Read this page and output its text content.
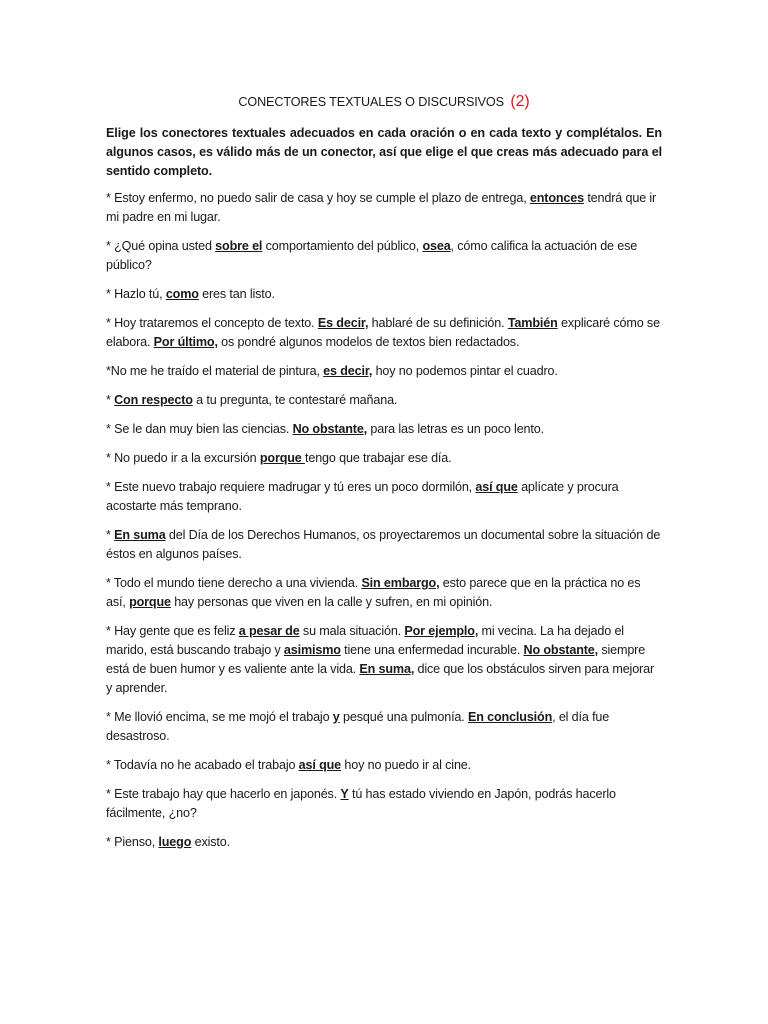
CONECTORES TEXTUALES O DISCURSIVOS (2)
Elige los conectores textuales adecuados en cada oración o en cada texto y complétalos. En algunos casos, es válido más de un conector, así que elige el que creas más adecuado para el sentido completo.
* Estoy enfermo, no puedo salir de casa y hoy se cumple el plazo de entrega, entonces tendrá que ir mi padre en mi lugar.
* ¿Qué opina usted sobre el comportamiento del público, osea, cómo califica la actuación de ese público?
* Hazlo tú, como eres tan listo.
* Hoy trataremos el concepto de texto. Es decir, hablaré de su definición. También explicaré cómo se elabora. Por último, os pondré algunos modelos de textos bien redactados.
*No me he traído el material de pintura, es decir, hoy no podemos pintar el cuadro.
* Con respecto a tu pregunta, te contestaré mañana.
* Se le dan muy bien las ciencias. No obstante, para las letras es un poco lento.
* No puedo ir a la excursión porque tengo que trabajar ese día.
* Este nuevo trabajo requiere madrugar y tú eres un poco dormilón, así que aplícate y procura acostarte más temprano.
* En suma del Día de los Derechos Humanos, os proyectaremos un documental sobre la situación de éstos en algunos países.
* Todo el mundo tiene derecho a una vivienda. Sin embargo, esto parece que en la práctica no es así, porque hay personas que viven en la calle y sufren, en mi opinión.
* Hay gente que es feliz a pesar de su mala situación. Por ejemplo, mi vecina. La ha dejado el marido, está buscando trabajo y asimismo tiene una enfermedad incurable. No obstante, siempre está de buen humor y es valiente ante la vida. En suma, dice que los obstáculos sirven para mejorar y aprender.
* Me llovió encima, se me mojó el trabajo y pesqué una pulmonía. En conclusión, el día fue desastroso.
* Todavía no he acabado el trabajo así que hoy no puedo ir al cine.
* Este trabajo hay que hacerlo en japonés. Y tú has estado viviendo en Japón, podrás hacerlo fácilmente, ¿no?
* Pienso, luego existo.
